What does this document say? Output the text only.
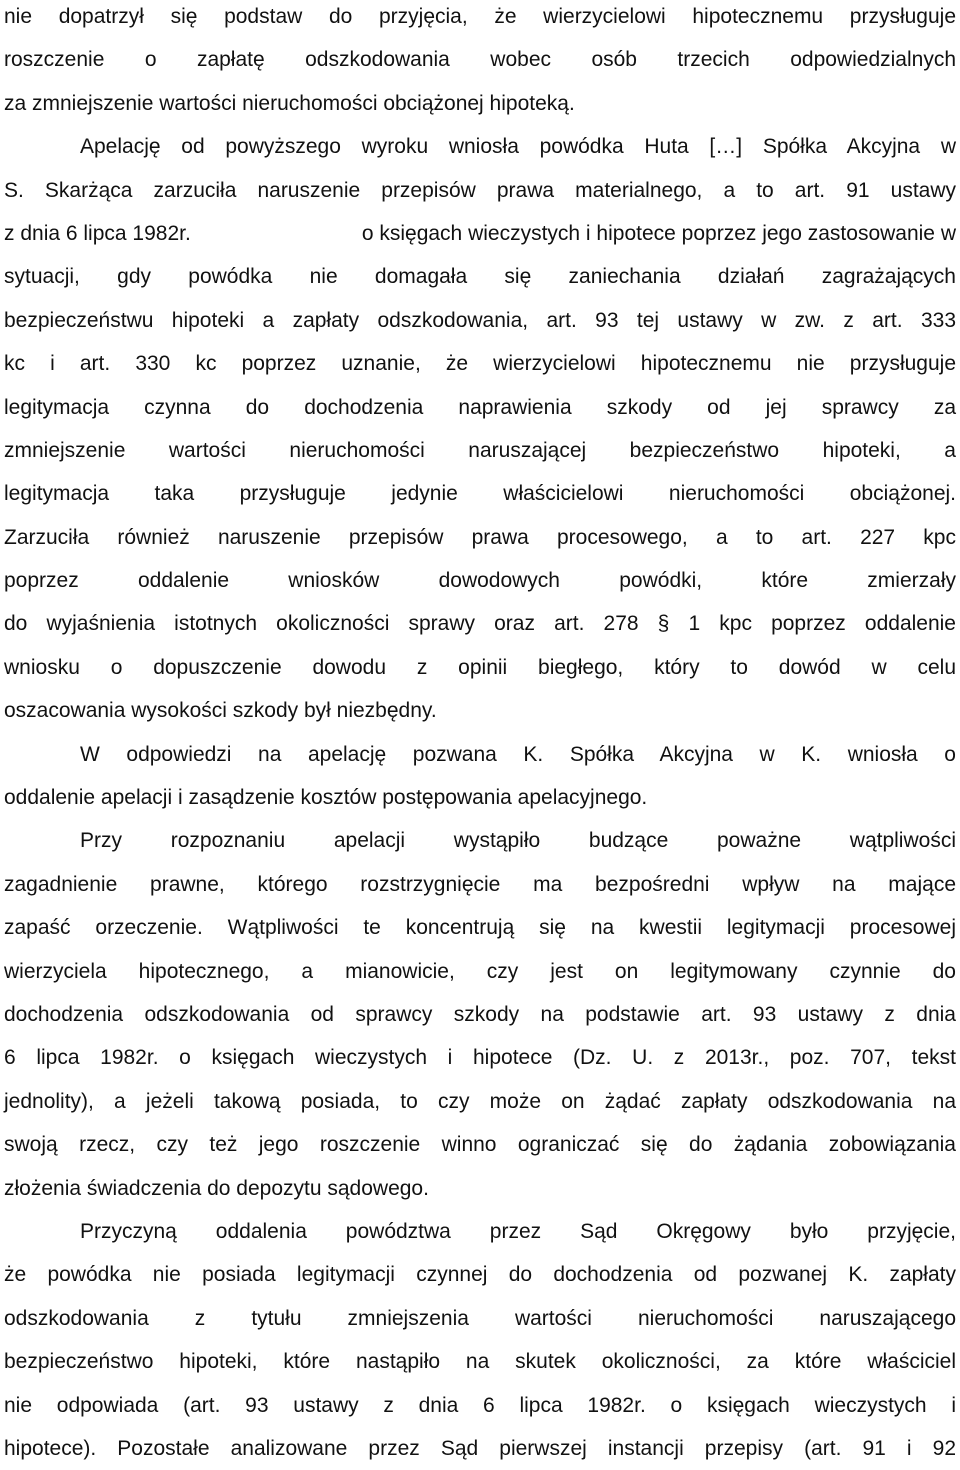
nie dopatrzył się podstaw do przyjęcia, że wierzycielowi hipotecznemu przysługuje
roszczenie o zapłatę odszkodowania wobec osób trzecich odpowiedzialnych
za zmniejszenie wartości nieruchomości obciążonej hipoteką.
Apelację od powyższego wyroku wniosła powódka Huta […] Spółka Akcyjna w
S. Skarżąca zarzuciła naruszenie przepisów prawa materialnego, a to art. 91 ustawy
z dnia 6 lipca 1982r.	o księgach wieczystych i hipotece poprzez jego zastosowanie w
sytuacji, gdy powódka nie domagała się zaniechania działań zagrażających
bezpieczeństwu hipoteki a zapłaty odszkodowania, art. 93 tej ustawy w zw. z art. 333
kc i art. 330 kc poprzez uznanie, że wierzycielowi hipotecznemu nie przysługuje
legitymacja czynna do dochodzenia naprawienia szkody od jej sprawcy za
zmniejszenie wartości nieruchomości naruszającej bezpieczeństwo hipoteki, a
legitymacja taka przysługuje jedynie właścicielowi nieruchomości obciążonej.
Zarzuciła również naruszenie przepisów prawa procesowego, a to art. 227 kpc
poprzez oddalenie wniosków dowodowych powódki, które zmierzały
do wyjaśnienia istotnych okoliczności sprawy oraz art. 278 § 1 kpc poprzez oddalenie
wniosku o dopuszczenie dowodu z opinii biegłego, który to dowód w celu
oszacowania wysokości szkody był niezbędny.
W odpowiedzi na apelację pozwana K. Spółka Akcyjna w K. wniosła o
oddalenie apelacji i zasądzenie kosztów postępowania apelacyjnego.
Przy rozpoznaniu apelacji wystąpiło budzące poważne wątpliwości
zagadnienie prawne, którego rozstrzygnięcie ma bezpośredni wpływ na mające
zapaść orzeczenie. Wątpliwości te koncentrują się na kwestii legitymacji procesowej
wierzyciela hipotecznego, a mianowicie, czy jest on legitymowany czynnie do
dochodzenia odszkodowania od sprawcy szkody na podstawie art. 93 ustawy z dnia
6 lipca 1982r. o księgach wieczystych i hipotece (Dz. U. z 2013r., poz. 707, tekst
jednolity), a jeżeli takową posiada, to czy może on żądać zapłaty odszkodowania na
swoją rzecz, czy też jego roszczenie winno ograniczać się do żądania zobowiązania
złożenia świadczenia do depozytu sądowego.
Przyczyną oddalenia powództwa przez Sąd Okręgowy było przyjęcie,
że powódka nie posiada legitymacji czynnej do dochodzenia od pozwanej K. zapłaty
odszkodowania z tytułu zmniejszenia wartości nieruchomości naruszającego
bezpieczeństwo hipoteki, które nastąpiło na skutek okoliczności, za które właściciel
nie odpowiada (art. 93 ustawy z dnia 6 lipca 1982r. o księgach wieczystych i
hipotece). Pozostałe analizowane przez Sąd pierwszej instancji przepisy (art. 91 i 92
